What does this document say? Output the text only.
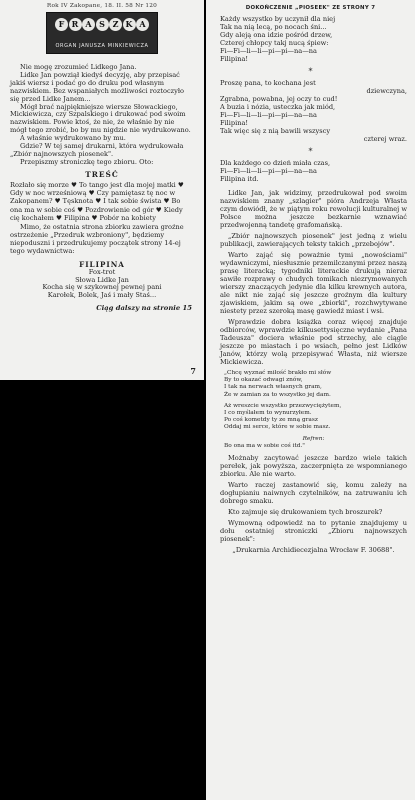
Rok IV Zakopane, 18. II. 58 Nr 120
F R A S Z K A
ORGAN JANUSZA MINKIEWICZA

Nie mogę zrozumieć Lidkego Jana.

Lidke Jan powziął kiedyś decyzję, aby przepisać jakiś wiersz i podać go do druku pod własnym nazwiskiem. Bez wspaniałych możliwości roztoczyło się przed Lidke Janem...

Mógł brać najpiękniejsze wiersze Słowackiego, Mickiewicza, czy Szpalskiego i drukować pod swoim nazwiskiem. Powie ktoś, że nie, że właśnie by nie mógł tego zrobić, bo by mu nigdzie nie wydrukowano.

A właśnie wydrukowano by mu.

Gdzie? W tej samej drukarni, która wydrukowała „Zbiór najnowszych piosenek".

Przepiszmy stroniczkę tego zbioru. Oto:

TREŚĆ
Rozłało się morze ♥ To tango jest dla mojej matki ♥ Gdy w noc wrześniową ♥ Czy pamiętasz tę noc w Zakopanem? ♥ Tęsknota ♥ I tak sobie śwista ♥ Bo ona ma w sobie coś ♥ Pozdrowienie od gór ♥ Kiedy cię kochałem ♥ Filipina ♥ Pobór na kobiety

Mimo, że ostatnia strona zbiorku zawiera groźne ostrzeżenie „Przedruk wzbroniony", będziemy niepoduszni i przedrukujemy początek strony 14-ej tego wydawnictwa:

FILIPINA
Fox-trot
Słowa Lidke Jan
Kocha się w szykownej pewnej pani
Karołek, Bolek, Jaś i mały Staś...
Ciąg dalszy na stronie 15
7
DOKOŃCZENIE „PIOSEEK" ZE STRONY 7
Każdy wszystko by uczynił dla niej
Tak na nią lecą, po nocach śni...
Gdy aleją ona idzie pośród drzew,
Czterej chłopcy takj nucą śpiew:
Fi—Fi—li—li—pi—pi—na—na
Filipina!
*
Proszę pana, to kochana jest
dziewczyna,
Zgrabna, powabna, jej oczy to cud!
A buzia i nózia, usteczka jak miód,
Fi—Fi—li—li—pi—pi—na—na
Filipina!
Tak więc się z nią bawili wszyscy
czterej wraz.
*
Dla każdego co dzień miała czas,
Fi—Fi—li—li—pi—pi—na—na
Filipina itd.

Lidke Jan, jak widzimy, przedrukował pod swoim nazwiskiem znany „szlagier" pióra Andrzeja Własta czym dowiódł, że w piątym roku rewolucji kulturalnej w Polsce można jeszcze bezkarnie wznawiać przedwojenną tandetę grafomańską.

„Zbiór najnowszych piosenek" jest jedną z wielu publikacji, zawierających teksty takich „przebojów".

Warto zająć się poważnie tymi „nowościami" wydawniczymi, niesłusznie przemilczanymi przez naszą prasę literacką; tygodniki literackie drukują nieraz sawiłe rozprawy o chudych tomikach niezrymowanych wierszy znaczących jedynie dla kilku krewnych autora, ale nikt nie zająć się jeszcze groźnym dla kultury zjawiskiem, jakim są owe „zbiorki", rozchwytywane niestety przez szeroką masę gawiedź miast i wsi.

Wprawdzie dobra książka coraz więcej znajduje odbiorców, wprawdzie kilkusettysięczne wydanie „Pana Tadeusza" dociera właśnie pod strzechy, ale ciągle jeszcze po miastach i po wsiach, pełno jest Lidków Janów, którzy wolą przepisywać Własta, niż wiersze Mickiewicza.

„Chcę wyznać miłość brakło mi słów
By to okazać odwagi znów,
I tak na nerwach własnych gram,
Że w zamian za to wszystko jej dam.
Aż wreszcie wszystko przezwyciężytem,
I co myślałem to wynurzyłem.
Po coś kometdy ty ze mną grasz
Oddaj mi serce, które w sobie masz.
Refren:
Bo ona ma w sobie coś itd."

Możnaby zacytować jeszcze bardzo wiele takich perełek, jak powyższa, zaczerpnięta ze wspomnianego zbiorku. Ale nie warto.

Warto raczej zastanowić się, komu zależy na dogłupianiu naiwnych czytelników, na zatruwaniu ich dobrego smaku.

Kto zajmuje się drukowaniem tych broszurek?

Wymowną odpowiedź na to pytanie znajdujemy u dołu ostatniej stroniczki „Zbioru najnowszych piosenek":

„Drukarnia Archidiecezjalna Wrocław F. 30688".
